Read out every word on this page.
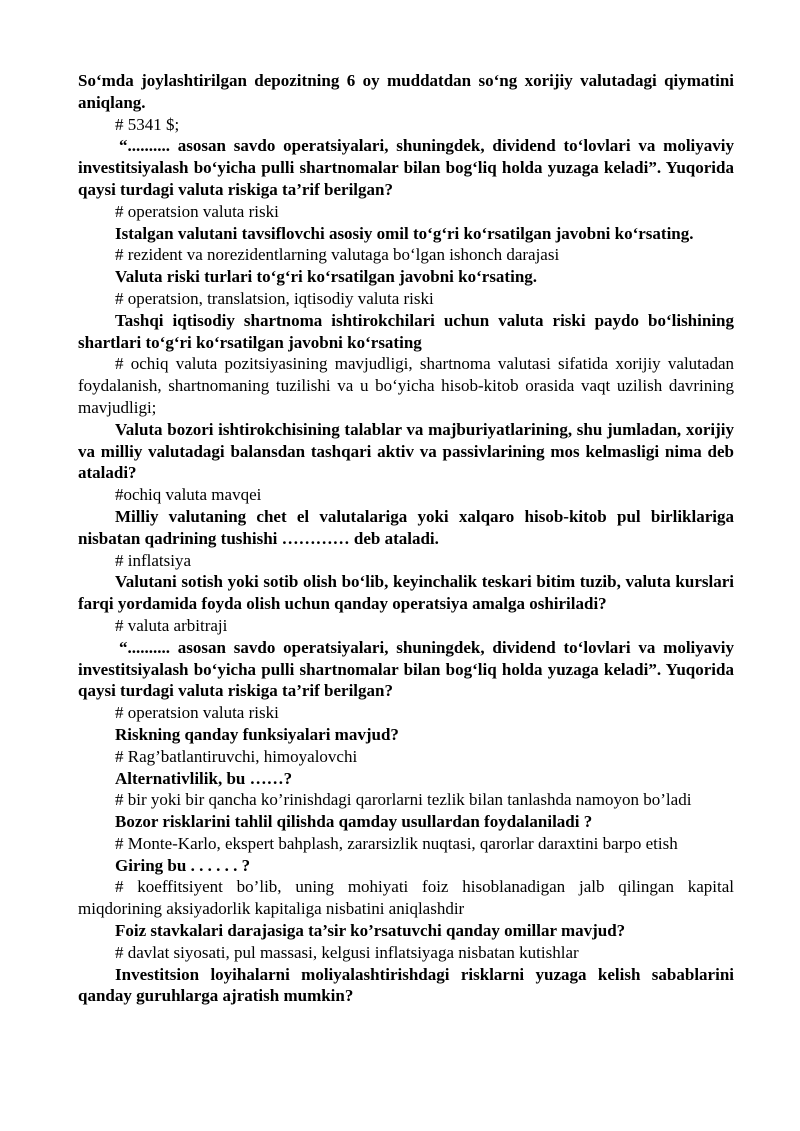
So‘mda joylashtirilgan depozitning 6 oy muddatdan so‘ng xorijiy valutadagi qiymatini aniqlang.

# 5341 $;

“.......... asosan savdo operatsiyalari, shuningdek, dividend to‘lovlari va moliyaviy investitsiyalash bo‘yicha pulli shartnomalar bilan bog‘liq holda yuzaga keladi”. Yuqorida qaysi turdagi valuta riskiga ta’rif berilgan?

# operatsion valuta riski

Istalgan valutani tavsiflovchi asosiy omil to‘g‘ri ko‘rsatilgan javobni ko‘rsating.

# rezident va norezidentlarning valutaga bo‘lgan ishonch darajasi

Valuta riski turlari to‘g‘ri ko‘rsatilgan javobni ko‘rsating.

# operatsion, translatsion, iqtisodiy valuta riski

Tashqi iqtisodiy shartnoma ishtirokchilari uchun valuta riski paydo bo‘lishining shartlari to‘g‘ri ko‘rsatilgan javobni ko‘rsating

# ochiq valuta pozitsiyasining mavjudligi, shartnoma valutasi sifatida xorijiy valutadan foydalanish, shartnomaning tuzilishi va u bo‘yicha hisob-kitob orasida vaqt uzilish davrining mavjudligi;

Valuta bozori ishtirokchisining talablar va majburiyatlarining, shu jumladan, xorijiy va milliy valutadagi balansdan tashqari aktiv va passivlarining mos kelmasligi nima deb ataladi?

#ochiq valuta mavqei

Milliy valutaning chet el valutalariga yoki xalqaro hisob-kitob pul birliklariga nisbatan qadrining tushishi ………… deb ataladi.

# inflatsiya

Valutani sotish yoki sotib olish bo‘lib, keyinchalik teskari bitim tuzib, valuta kurslari farqi yordamida foyda olish uchun qanday operatsiya amalga oshiriladi?

# valuta arbitraji

“.......... asosan savdo operatsiyalari, shuningdek, dividend to‘lovlari va moliyaviy investitsiyalash bo‘yicha pulli shartnomalar bilan bog‘liq holda yuzaga keladi”. Yuqorida qaysi turdagi valuta riskiga ta’rif berilgan?

# operatsion valuta riski

Riskning qanday funksiyalari mavjud?

# Rag’batlantiruvchi, himoyalovchi

Alternativlilik, bu ……?

# bir yoki bir qancha ko’rinishdagi qarorlarni tezlik bilan tanlashda namoyon bo’ladi

Bozor risklarini tahlil qilishda qamday usullardan foydalaniladi ?

# Monte-Karlo, ekspert bahplash, zararsizlik nuqtasi, qarorlar daraxtini barpo etish

Giring bu . . . . . . ?

# koeffitsiyent bo’lib, uning mohiyati foiz hisoblanadigan jalb qilingan kapital miqdorining aksiyadorlik kapitaliga nisbatini aniqlashdir

Foiz stavkalari darajasiga ta’sir ko’rsatuvchi qanday omillar mavjud?

# davlat siyosati, pul massasi, kelgusi inflatsiyaga nisbatan kutishlar

Investitsion loyihalarni moliyalashtirishdagi risklarni yuzaga kelish sabablarini qanday guruhlarga ajratish mumkin?
